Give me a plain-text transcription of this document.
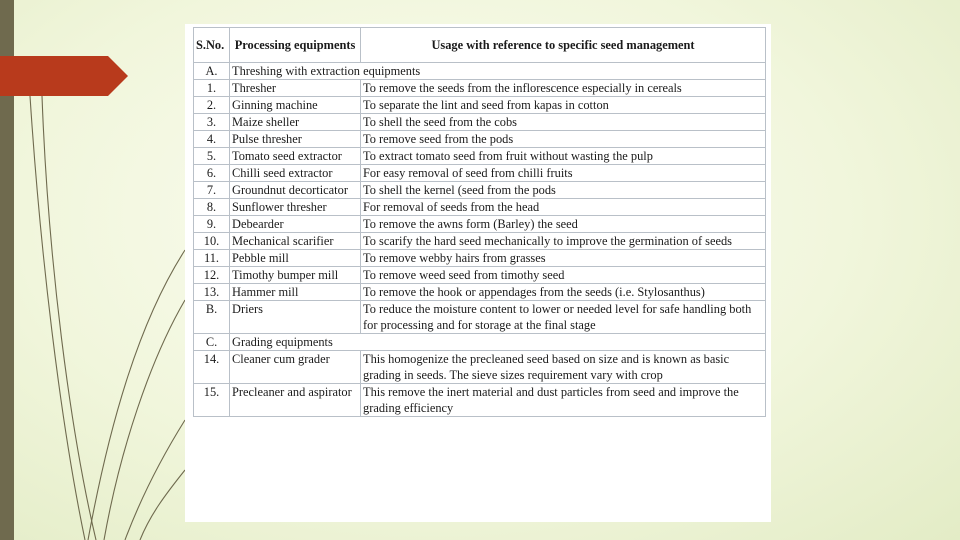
S.No.	Processing equipments	Usage with reference to specific seed management
A.	Threshing with extraction equipments	
1.	Thresher	To remove the seeds from the inflorescence especially in cereals
2.	Ginning machine	To separate the lint and seed from kapas in cotton
3.	Maize sheller	To shell the seed from the cobs
4.	Pulse thresher	To remove seed from the pods
5.	Tomato seed extractor	To extract tomato seed from fruit without wasting the pulp
6.	Chilli seed extractor	For easy removal of seed from chilli fruits
7.	Groundnut decorticator	To shell the kernel (seed from the pods
8.	Sunflower thresher	For removal of seeds from the head
9.	Debearder	To remove the awns form (Barley) the seed
10.	Mechanical scarifier	To scarify the hard seed mechanically to improve the germination of seeds
11.	Pebble mill	To remove webby hairs from grasses
12.	Timothy bumper mill	To remove weed seed from timothy seed
13.	Hammer mill	To remove the hook or appendages from the seeds (i.e. Stylosanthus)
B.	Driers	To reduce the moisture content to lower or needed level for safe handling both for processing and for storage at the final stage
C.	Grading equipments	
14.	Cleaner cum grader	This homogenize the precleaned seed based on size and is known as basic grading in seeds. The sieve sizes requirement vary with crop
15.	Precleaner and aspirator	This remove the inert material and dust particles from seed and improve the grading efficiency
